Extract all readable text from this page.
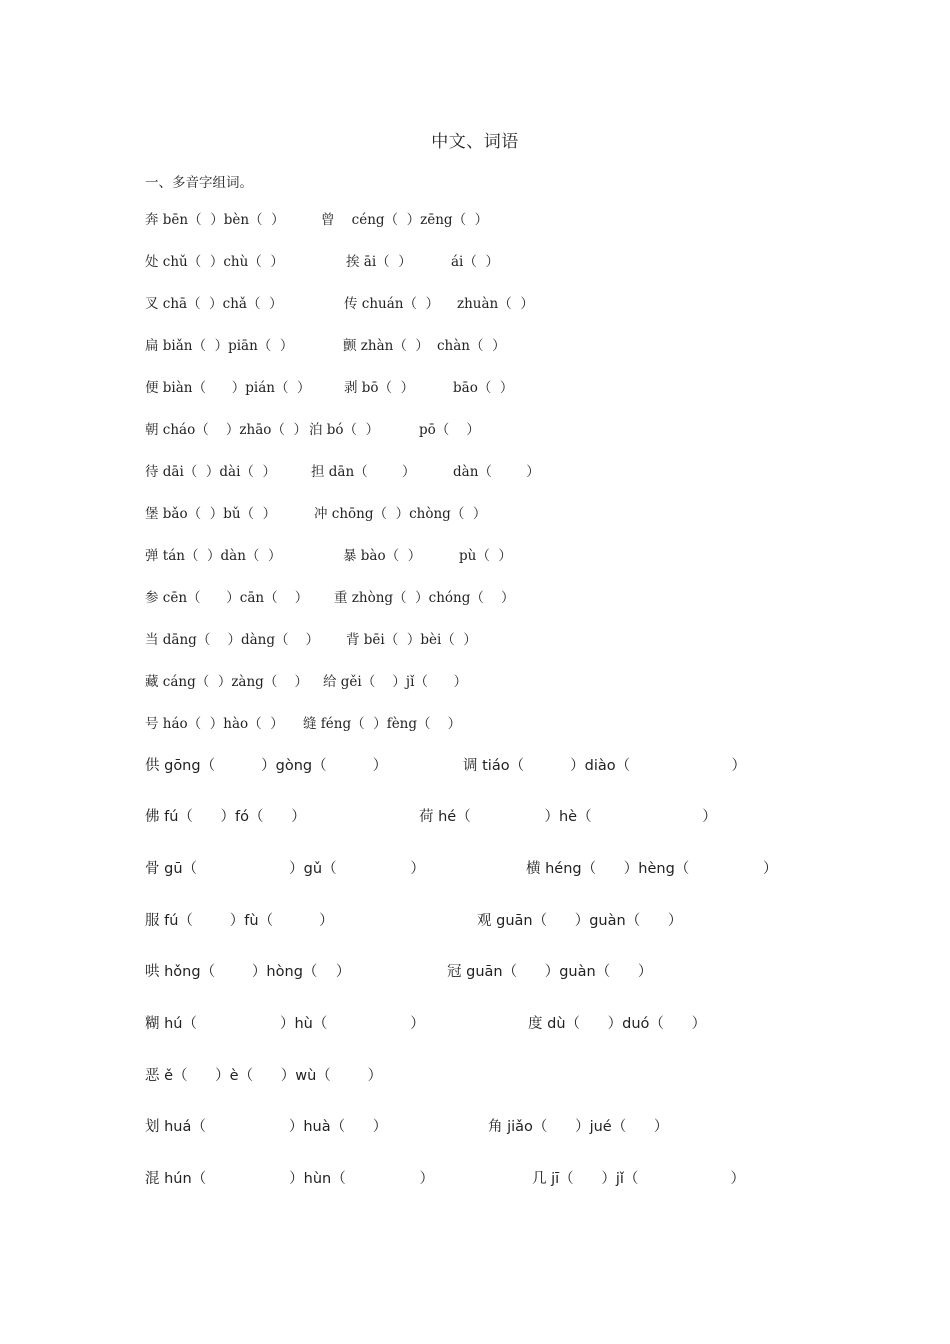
中文、词语
一、多音字组词。
奔 bēn（  ）bèn（  ）	曾    céng（  ）zēng（  ）
处 chǔ（  ）chù（  ）	挨 āi（  ）	ái（  ）
叉 chā（  ）chǎ（  ）	传 chuán（  ） zhuàn（  ）
扁 biǎn（  ）piān（  ）	颤 zhàn（  ） chàn（  ）
便 biàn（      ）pián（  ） 剥 bō（  ）	bāo（  ）
朝 cháo（    ）zhāo（  ） 泊 bó（  ）	pō（    ）
待 dāi（  ）dài（  ）	担 dān（        ）	dàn（        ）
堡 bǎo（  ）bǔ（  ）	冲 chōng（  ）chòng（  ）
弹 tán（  ）dàn（  ）	暴 bào（  ）	pù（  ）
参 cēn（      ）cān（    ） 重 zhòng（  ）chóng（    ）
当 dāng（    ）dàng（    ） 背 bēi（  ）bèi（  ）
藏 cáng（  ）zàng（    ） 给 gěi（    ）jǐ（      ）
号 háo（  ）hào（  ） 缝 féng（  ）fèng（    ）
供 gōng（          ）gòng（          ）	调 tiáo（          ）diào（                      ）
佛 fú（      ）fó（      ）	荷 hé（                ）hè（                        ）
骨 gū（                    ）gǔ（                ）	横 héng（      ）hèng（                ）
服 fú（        ）fù（          ）	观 guān（      ）guàn（      ）
哄 hǒng（        ）hòng（    ）	冠 guān（      ）guàn（      ）
糊 hú（                  ）hù（                  ）	度 dù（      ）duó（      ）
恶 ě（      ）è（      ）wù（        ）
划 huá（                  ）huà（      ）	角 jiǎo（      ）jué（      ）
混 hún（                  ）hùn（                ）	几 jī（      ）jǐ（                    ）
